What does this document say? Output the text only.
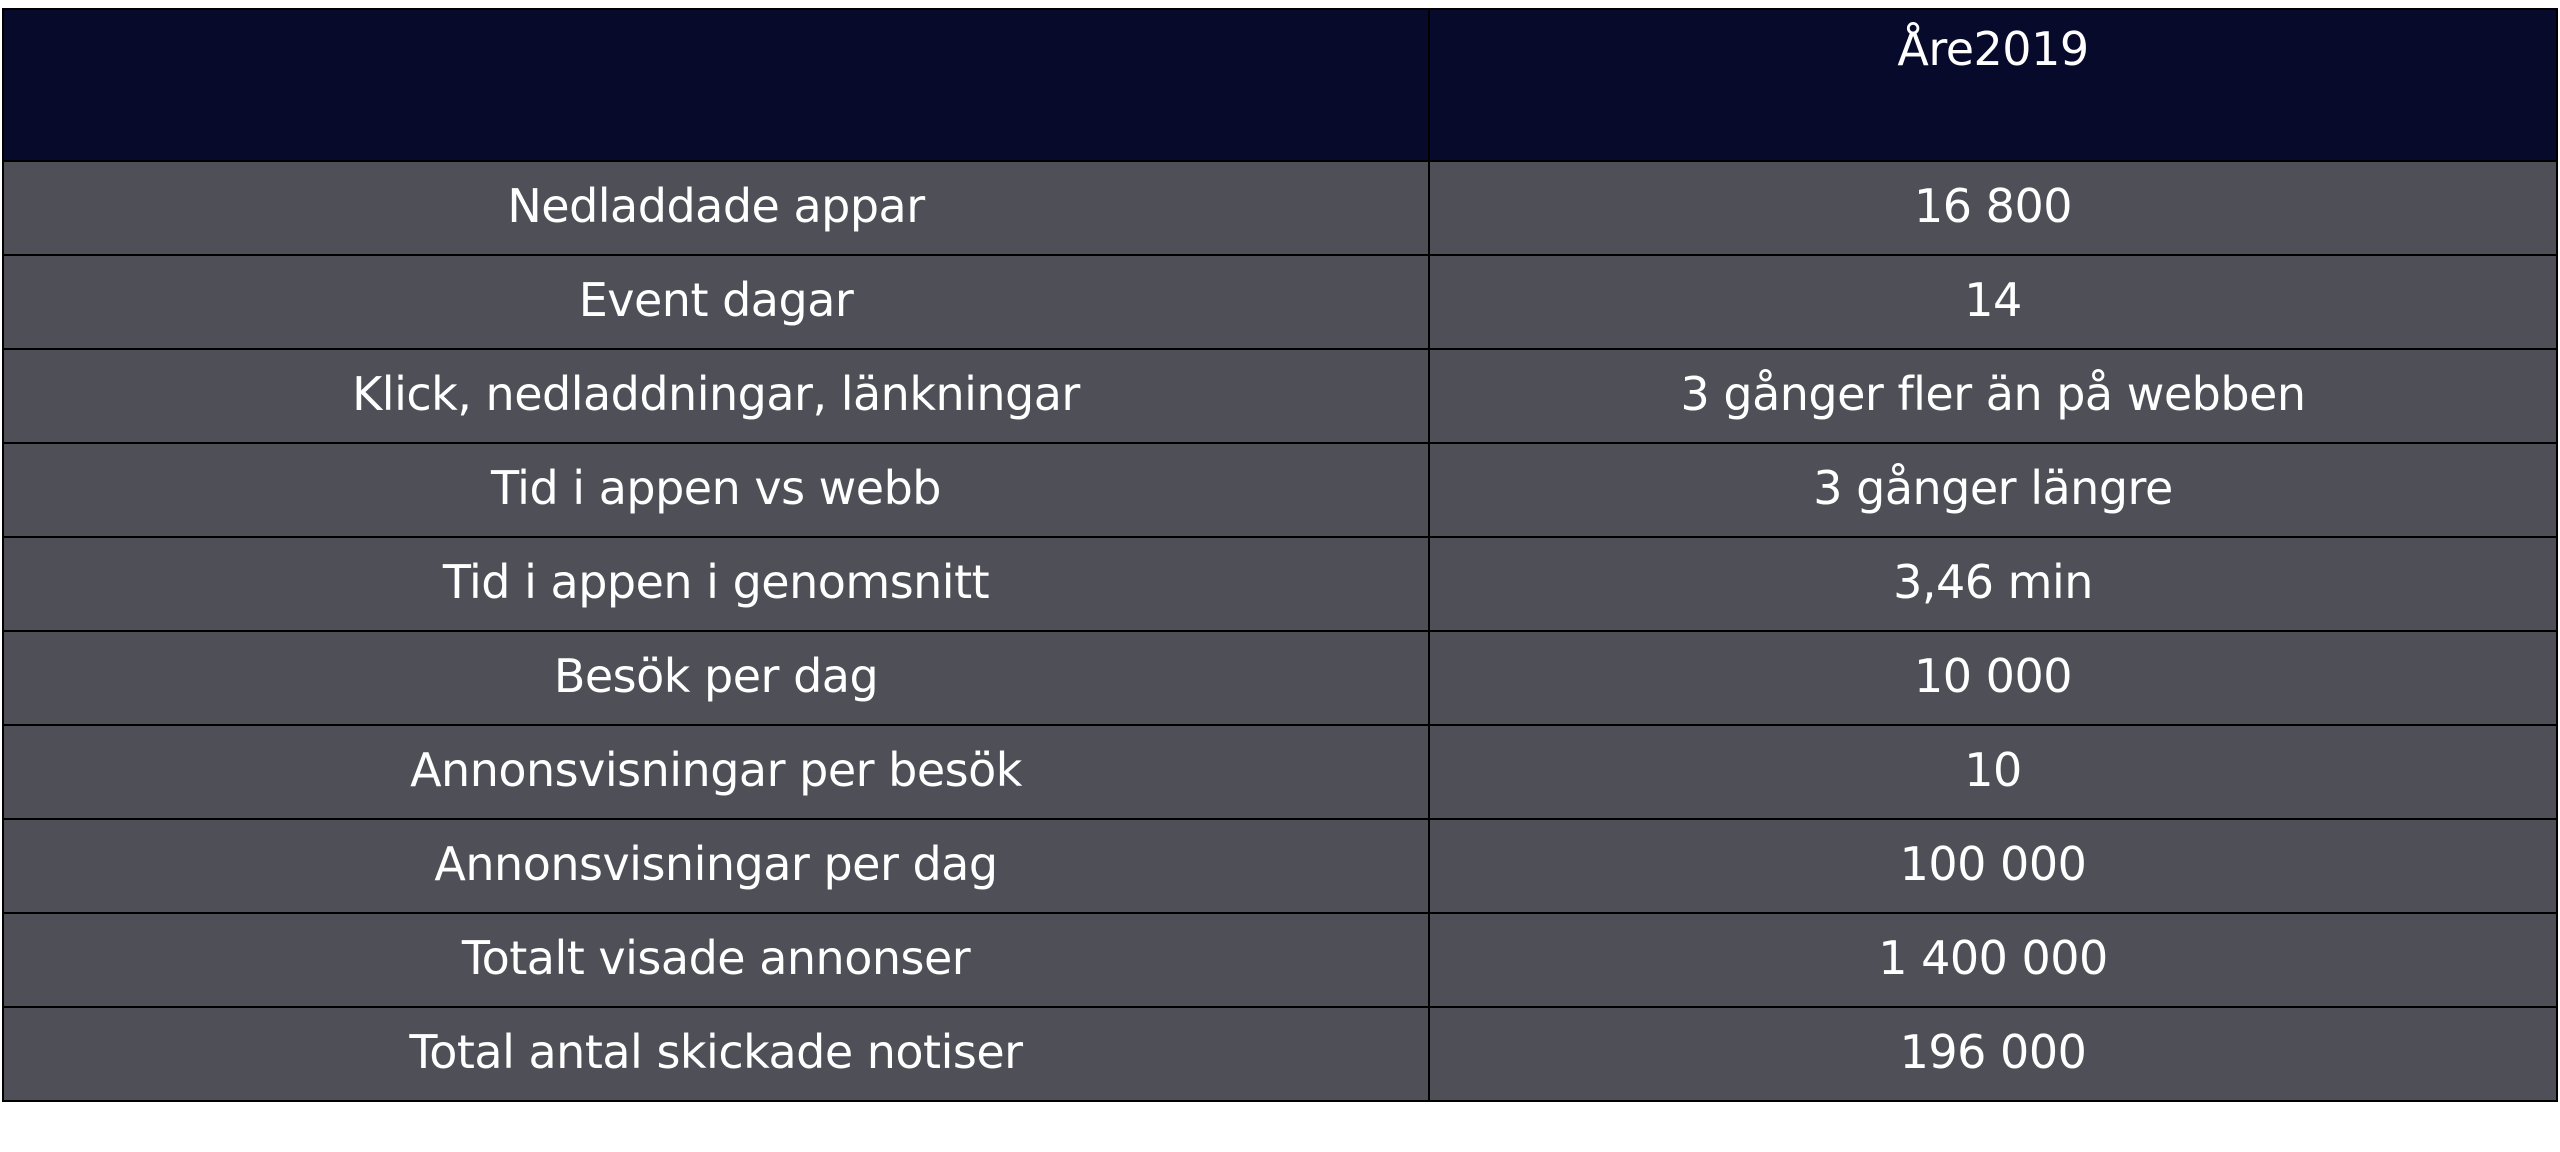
	Åre2019
Nedladdade appar	16 800
Event dagar	14
Klick, nedladdningar, länkningar	3 gånger fler än på webben
Tid i appen vs webb	3 gånger längre
Tid i appen i genomsnitt	3,46 min
Besök per dag	10 000
Annonsvisningar per besök	10
Annonsvisningar per dag	100 000
Totalt visade annonser	1 400 000
Total antal skickade notiser	196 000
